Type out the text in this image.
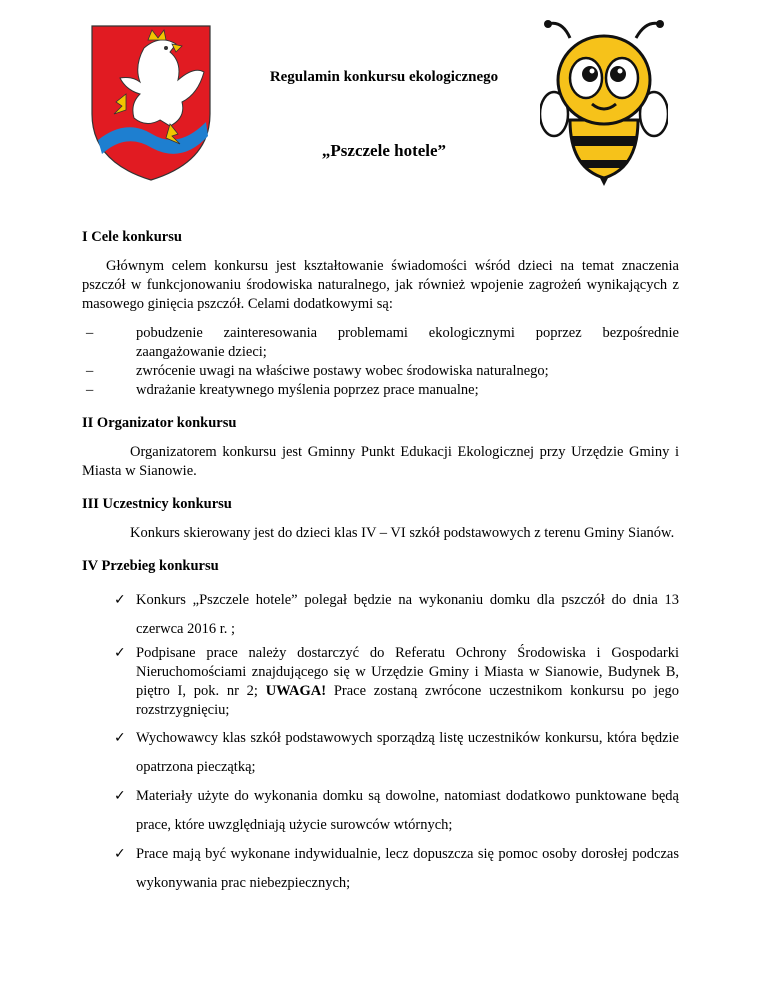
Regulamin konkursu ekologicznego
„Pszczele hotele”
I Cele konkursu

Głównym celem konkursu jest kształtowanie świadomości wśród dzieci na temat znaczenia pszczół w funkcjonowaniu środowiska naturalnego, jak również wpojenie zagrożeń wynikających z masowego ginięcia pszczół. Celami dodatkowymi są:

–	pobudzenie zainteresowania problemami ekologicznymi poprzez bezpośrednie zaangażowanie dzieci;
–	zwrócenie uwagi na właściwe postawy wobec środowiska naturalnego;
–	wdrażanie kreatywnego myślenia poprzez prace manualne;
II Organizator konkursu

Organizatorem konkursu jest Gminny Punkt Edukacji Ekologicznej przy Urzędzie Gminy i Miasta w Sianowie.

III Uczestnicy konkursu

Konkurs skierowany jest do dzieci klas IV – VI szkół podstawowych z terenu Gminy Sianów.

IV Przebieg konkursu
✓ Konkurs „Pszczele hotele” polegał będzie na wykonaniu domku dla pszczół do dnia 13 czerwca 2016 r. ;
✓ Podpisane prace należy dostarczyć do Referatu Ochrony Środowiska i Gospodarki Nieruchomościami znajdującego się w Urzędzie Gminy i Miasta w Sianowie, Budynek B, piętro I, pok. nr 2; UWAGA! Prace zostaną zwrócone uczestnikom konkursu po jego rozstrzygnięciu;
✓ Wychowawcy klas szkół podstawowych sporządzą listę uczestników konkursu, która będzie opatrzona pieczątką;
✓ Materiały użyte do wykonania domku są dowolne, natomiast dodatkowo punktowane będą prace, które uwzględniają użycie surowców wtórnych;
✓ Prace mają być wykonane indywidualnie, lecz dopuszcza się pomoc osoby dorosłej podczas wykonywania prac niebezpiecznych;
